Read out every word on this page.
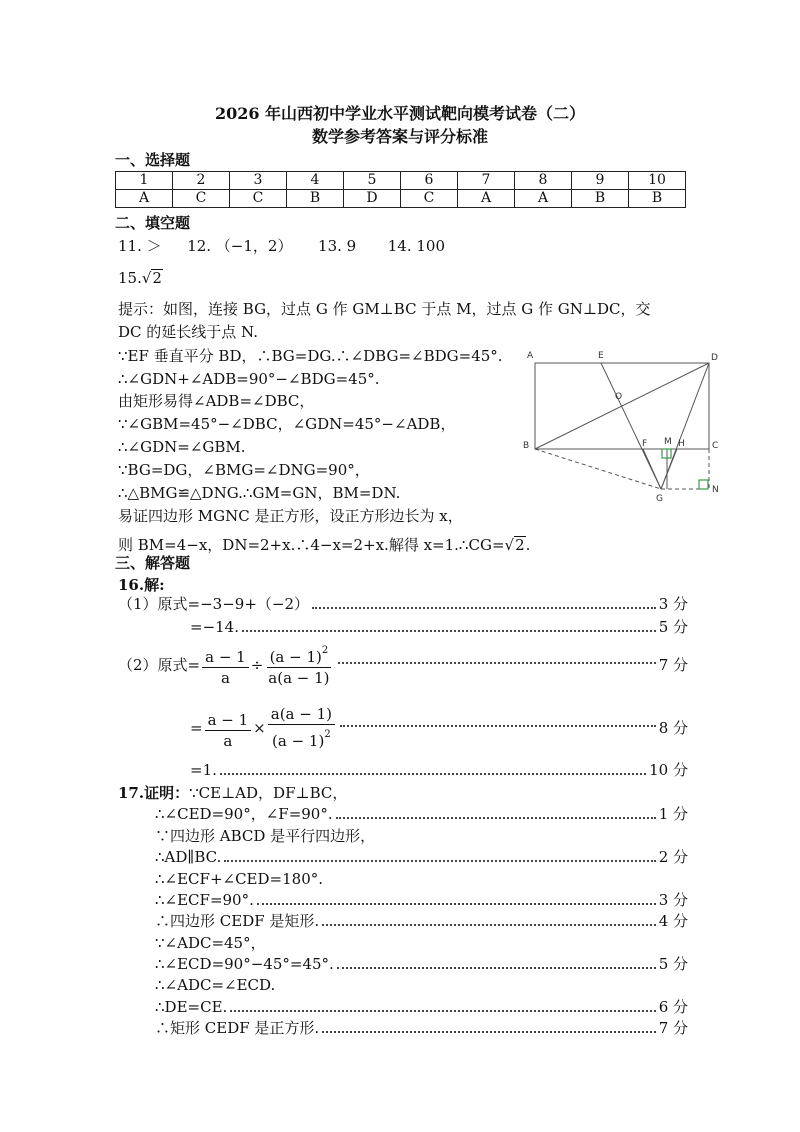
2026 年山西初中学业水平测试靶向模考试卷（二）
数学参考答案与评分标准
一、选择题
1	2	3	4	5	6	7	8	9	10
A	C	C	B	D	C	A	A	B	B
二、填空题
11. ＞ 12. （−1，2） 13. 9 14. 100
15.√2
提示：如图，连接 BG，过点 G 作 GM⊥BC 于点 M，过点 G 作 GN⊥DC，交
DC 的延长线于点 N.
∵EF 垂直平分 BD，∴BG=DG.∴∠DBG=∠BDG=45°.
∴∠GDN+∠ADB=90°−∠BDG=45°.
由矩形易得∠ADB=∠DBC，
∵∠GBM=45°−∠DBC，∠GDN=45°−∠ADB，
∴∠GDN=∠GBM.
∵BG=DG，∠BMG=∠DNG=90°，
∴△BMG≌△DNG.∴GM=GN，BM=DN.
易证四边形 MGNC 是正方形，设正方形边长为 x，
则 BM=4−x，DN=2+x.∴4−x=2+x.解得 x=1.∴CG=√2.
A	E	D
O
B	F M H	C
G
N
三、解答题
16.解:
（1）原式=−3−9+（−2）	3 分
=−14.	5 分
（2）原式= $\frac{a - 1}{a} \div \frac{(a - 1)^2}{a(a - 1)}$	7 分
= $\frac{a - 1}{a} \times \frac{a(a - 1)}{(a - 1)^2}$	8 分
=1.	10 分
17.证明：∵CE⊥AD，DF⊥BC，
∴∠CED=90°，∠F=90°.	1 分
∵四边形 ABCD 是平行四边形，
∴AD∥BC.	2 分
∴∠ECF+∠CED=180°.
∴∠ECF=90°.	3 分
∴四边形 CEDF 是矩形.	4 分
∵∠ADC=45°，
∴∠ECD=90°−45°=45°.	5 分
∴∠ADC=∠ECD.
∴DE=CE.	6 分
∴矩形 CEDF 是正方形.	7 分
